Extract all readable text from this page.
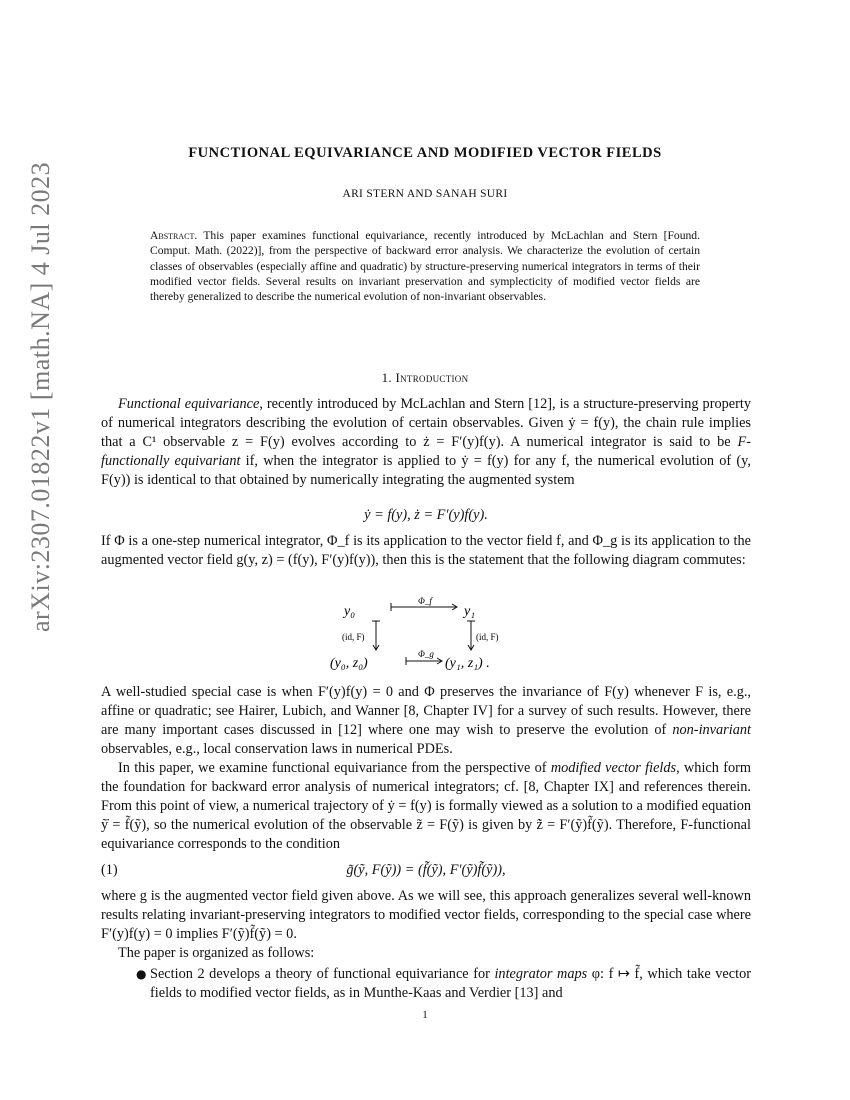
arXiv:2307.01822v1 [math.NA] 4 Jul 2023
FUNCTIONAL EQUIVARIANCE AND MODIFIED VECTOR FIELDS
ARI STERN AND SANAH SURI
Abstract. This paper examines functional equivariance, recently introduced by McLachlan and Stern [Found. Comput. Math. (2022)], from the perspective of backward error analysis. We characterize the evolution of certain classes of observables (especially affine and quadratic) by structure-preserving numerical integrators in terms of their modified vector fields. Several results on invariant preservation and symplecticity of modified vector fields are thereby generalized to describe the numerical evolution of non-invariant observables.
1. Introduction
Functional equivariance, recently introduced by McLachlan and Stern [12], is a structure-preserving property of numerical integrators describing the evolution of certain observables. Given ẏ = f(y), the chain rule implies that a C¹ observable z = F(y) evolves according to ż = F′(y)f(y). A numerical integrator is said to be F-functionally equivariant if, when the integrator is applied to ẏ = f(y) for any f, the numerical evolution of (y, F(y)) is identical to that obtained by numerically integrating the augmented system
ẏ = f(y), ż = F′(y)f(y).
If Φ is a one-step numerical integrator, Φ_f is its application to the vector field f, and Φ_g is its application to the augmented vector field g(y, z) = (f(y), F′(y)f(y)), then this is the statement that the following diagram commutes:
y₀	y₁
(y₀, z₀)	(y₁, z₁) .
Φ_f
Φ_g
(id, F)	(id, F)
A well-studied special case is when F′(y)f(y) = 0 and Φ preserves the invariance of F(y) whenever F is, e.g., affine or quadratic; see Hairer, Lubich, and Wanner [8, Chapter IV] for a survey of such results. However, there are many important cases discussed in [12] where one may wish to preserve the evolution of non-invariant observables, e.g., local conservation laws in numerical PDEs.
In this paper, we examine functional equivariance from the perspective of modified vector fields, which form the foundation for backward error analysis of numerical integrators; cf. [8, Chapter IX] and references therein. From this point of view, a numerical trajectory of ẏ = f(y) is formally viewed as a solution to a modified equation ỹ̇ = f̃(ỹ), so the numerical evolution of the observable z̃ = F(ỹ) is given by z̃̇ = F′(ỹ)f̃(ỹ). Therefore, F-functional equivariance corresponds to the condition
(1)	g̃(ỹ, F(ỹ)) = (f̃(ỹ), F′(ỹ)f̃(ỹ)),
where g is the augmented vector field given above. As we will see, this approach generalizes several well-known results relating invariant-preserving integrators to modified vector fields, corresponding to the special case where F′(y)f(y) = 0 implies F′(ỹ)f̃(ỹ) = 0.
The paper is organized as follows:
● Section 2 develops a theory of functional equivariance for integrator maps φ: f ↦ f̃, which take vector fields to modified vector fields, as in Munthe-Kaas and Verdier [13] and
1
